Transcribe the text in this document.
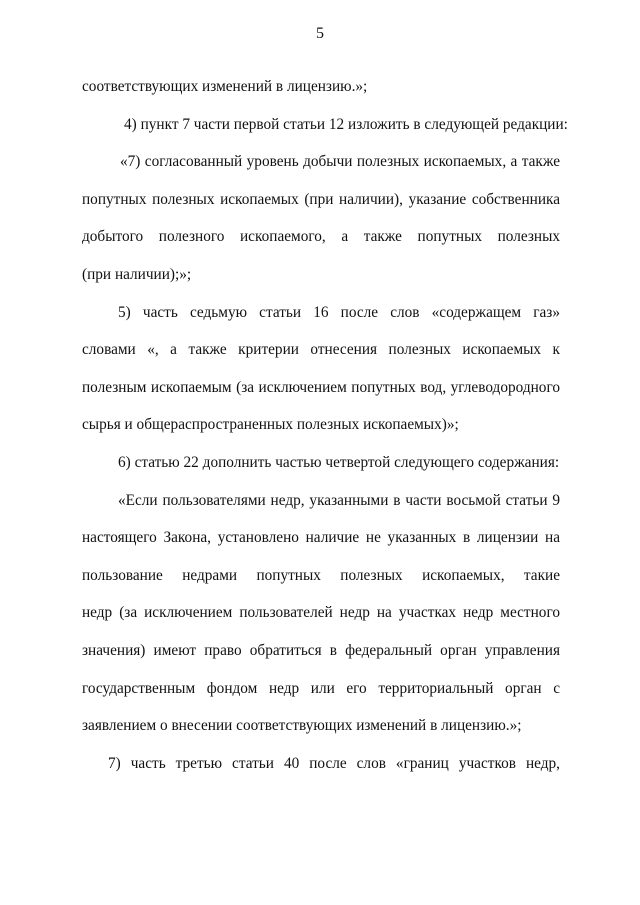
5
соответствующих изменений в лицензию.»;
4) пункт 7 части первой статьи 12 изложить в следующей редакции:
«7) согласованный уровень добычи полезных ископаемых, а также
попутных полезных ископаемых (при наличии), указание собственника
добытого полезного ископаемого, а также попутных полезных
(при наличии);»;
5) часть седьмую статьи 16 после слов «содержащем газ»
словами «, а также критерии отнесения полезных ископаемых к
полезным ископаемым (за исключением попутных вод, углеводородного
сырья и общераспространенных полезных ископаемых)»;
6) статью 22 дополнить частью четвертой следующего содержания:
«Если пользователями недр, указанными в части восьмой статьи 9
настоящего Закона, установлено наличие не указанных в лицензии на
пользование недрами попутных полезных ископаемых, такие
недр (за исключением пользователей недр на участках недр местного
значения) имеют право обратиться в федеральный орган управления
государственным фондом недр или его территориальный орган с
заявлением о внесении соответствующих изменений в лицензию.»;
7) часть третью статьи 40 после слов «границ участков недр,
